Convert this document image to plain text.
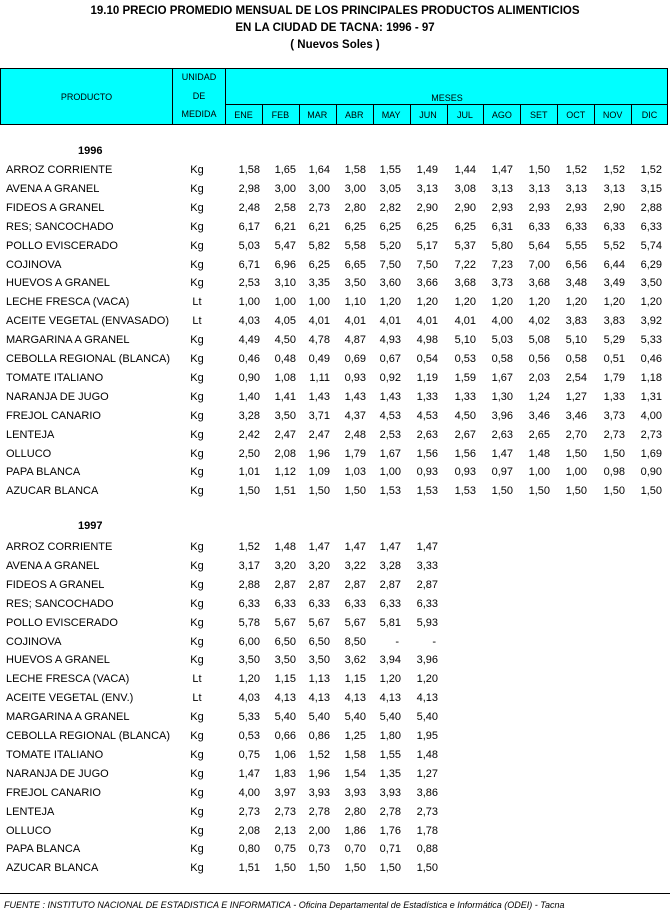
19.10 PRECIO PROMEDIO MENSUAL DE LOS PRINCIPALES PRODUCTOS ALIMENTICIOS
EN LA CIUDAD DE TACNA: 1996 - 97
( Nuevos Soles )
PRODUCTO
UNIDAD
DE
MEDIDA
MESES
ENE	FEB	MAR	ABR	MAY	JUN	JUL	AGO	SET	OCT	NOV	DIC
1996
ARROZ CORRIENTE	Kg	1,58	1,65	1,64	1,58	1,55	1,49	1,44	1,47	1,50	1,52	1,52	1,52
AVENA A GRANEL	Kg	2,98	3,00	3,00	3,00	3,05	3,13	3,08	3,13	3,13	3,13	3,13	3,15
FIDEOS A GRANEL	Kg	2,48	2,58	2,73	2,80	2,82	2,90	2,90	2,93	2,93	2,93	2,90	2,88
RES; SANCOCHADO	Kg	6,17	6,21	6,21	6,25	6,25	6,25	6,25	6,31	6,33	6,33	6,33	6,33
POLLO EVISCERADO	Kg	5,03	5,47	5,82	5,58	5,20	5,17	5,37	5,80	5,64	5,55	5,52	5,74
COJINOVA	Kg	6,71	6,96	6,25	6,65	7,50	7,50	7,22	7,23	7,00	6,56	6,44	6,29
HUEVOS A GRANEL	Kg	2,53	3,10	3,35	3,50	3,60	3,66	3,68	3,73	3,68	3,48	3,49	3,50
LECHE FRESCA (VACA)	Lt	1,00	1,00	1,00	1,10	1,20	1,20	1,20	1,20	1,20	1,20	1,20	1,20
ACEITE VEGETAL (ENVASADO)	Lt	4,03	4,05	4,01	4,01	4,01	4,01	4,01	4,00	4,02	3,83	3,83	3,92
MARGARINA A GRANEL	Kg	4,49	4,50	4,78	4,87	4,93	4,98	5,10	5,03	5,08	5,10	5,29	5,33
CEBOLLA REGIONAL (BLANCA)	Kg	0,46	0,48	0,49	0,69	0,67	0,54	0,53	0,58	0,56	0,58	0,51	0,46
TOMATE ITALIANO	Kg	0,90	1,08	1,11	0,93	0,92	1,19	1,59	1,67	2,03	2,54	1,79	1,18
NARANJA DE JUGO	Kg	1,40	1,41	1,43	1,43	1,43	1,33	1,33	1,30	1,24	1,27	1,33	1,31
FREJOL CANARIO	Kg	3,28	3,50	3,71	4,37	4,53	4,53	4,50	3,96	3,46	3,46	3,73	4,00
LENTEJA	Kg	2,42	2,47	2,47	2,48	2,53	2,63	2,67	2,63	2,65	2,70	2,73	2,73
OLLUCO	Kg	2,50	2,08	1,96	1,79	1,67	1,56	1,56	1,47	1,48	1,50	1,50	1,69
PAPA BLANCA	Kg	1,01	1,12	1,09	1,03	1,00	0,93	0,93	0,97	1,00	1,00	0,98	0,90
AZUCAR BLANCA	Kg	1,50	1,51	1,50	1,50	1,53	1,53	1,53	1,50	1,50	1,50	1,50	1,50
1997
ARROZ CORRIENTE	Kg	1,52	1,48	1,47	1,47	1,47	1,47
AVENA A GRANEL	Kg	3,17	3,20	3,20	3,22	3,28	3,33
FIDEOS A GRANEL	Kg	2,88	2,87	2,87	2,87	2,87	2,87
RES; SANCOCHADO	Kg	6,33	6,33	6,33	6,33	6,33	6,33
POLLO EVISCERADO	Kg	5,78	5,67	5,67	5,67	5,81	5,93
COJINOVA	Kg	6,00	6,50	6,50	8,50	-	-
HUEVOS A GRANEL	Kg	3,50	3,50	3,50	3,62	3,94	3,96
LECHE FRESCA (VACA)	Lt	1,20	1,15	1,13	1,15	1,20	1,20
ACEITE VEGETAL (ENV.)	Lt	4,03	4,13	4,13	4,13	4,13	4,13
MARGARINA A GRANEL	Kg	5,33	5,40	5,40	5,40	5,40	5,40
CEBOLLA REGIONAL (BLANCA)	Kg	0,53	0,66	0,86	1,25	1,80	1,95
TOMATE ITALIANO	Kg	0,75	1,06	1,52	1,58	1,55	1,48
NARANJA DE JUGO	Kg	1,47	1,83	1,96	1,54	1,35	1,27
FREJOL CANARIO	Kg	4,00	3,97	3,93	3,93	3,93	3,86
LENTEJA	Kg	2,73	2,73	2,78	2,80	2,78	2,73
OLLUCO	Kg	2,08	2,13	2,00	1,86	1,76	1,78
PAPA BLANCA	Kg	0,80	0,75	0,73	0,70	0,71	0,88
AZUCAR BLANCA	Kg	1,51	1,50	1,50	1,50	1,50	1,50
FUENTE : INSTITUTO NACIONAL DE ESTADISTICA E INFORMATICA - Oficina Departamental de Estadística e Informática (ODEI) - Tacna
